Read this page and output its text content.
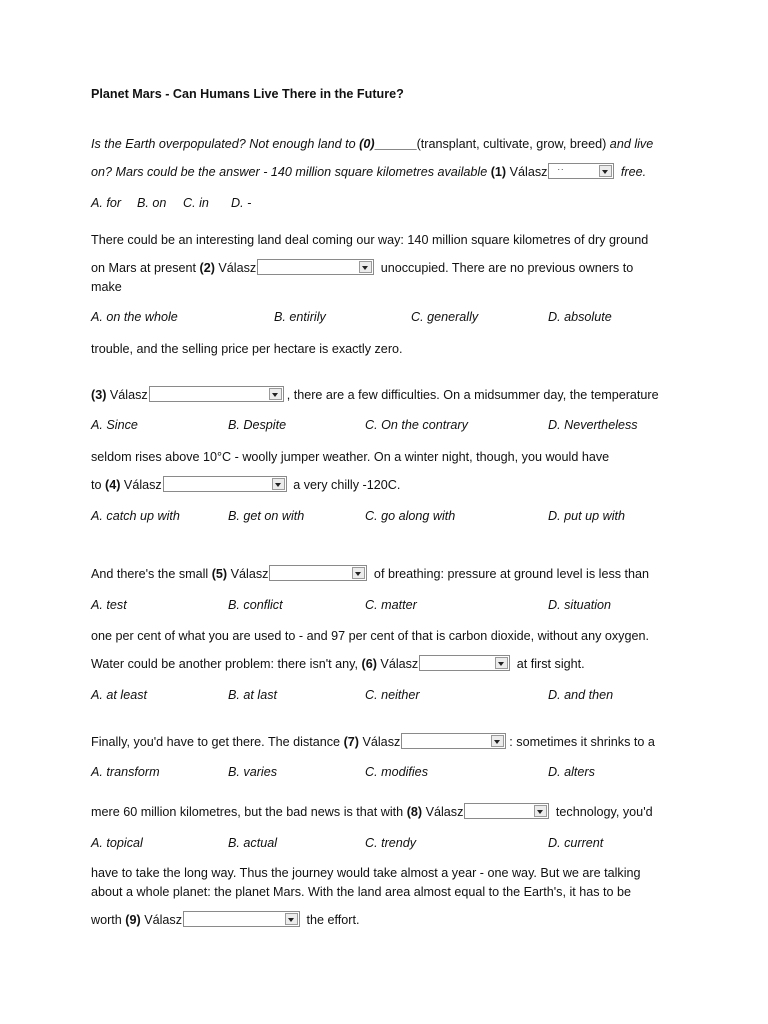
Planet Mars - Can Humans Live There in the Future?
Is the Earth overpopulated? Not enough land to (0)______(transplant, cultivate, grow, breed) and live
on? Mars could be the answer - 140 million square kilometres available (1) Válasz ..	free.
A. for B. on C. in D. -
There could be an interesting land deal coming our way: 140 million square kilometres of dry ground
on Mars at present (2) Válasz	unoccupied. There are no previous owners to
make
A. on the whole	B. entirily	C. generally	D. absolute
trouble, and the selling price per hectare is exactly zero.
(3) Válasz	, there are a few difficulties. On a midsummer day, the temperature
A. Since	B. Despite	C. On the contrary	D. Nevertheless
seldom rises above 10°C - woolly jumper weather. On a winter night, though, you would have
to (4) Válasz	a very chilly -120C.
A. catch up with	B. get on with	C. go along with	D. put up with
And there's the small (5) Válasz	of breathing: pressure at ground level is less than
A. test	B. conflict	C. matter	D. situation
one per cent of what you are used to - and 97 per cent of that is carbon dioxide, without any oxygen.
Water could be another problem: there isn't any, (6) Válasz	at first sight.
A. at least	B. at last	C. neither	D. and then
Finally, you'd have to get there. The distance (7) Válasz	: sometimes it shrinks to a
A. transform	B. varies	C. modifies	D. alters
mere 60 million kilometres, but the bad news is that with (8) Válasz	technology, you'd
A. topical	B. actual	C. trendy	D. current
have to take the long way. Thus the journey would take almost a year - one way. But we are talking
about a whole planet: the planet Mars. With the land area almost equal to the Earth's, it has to be
worth (9) Válasz	the effort.
